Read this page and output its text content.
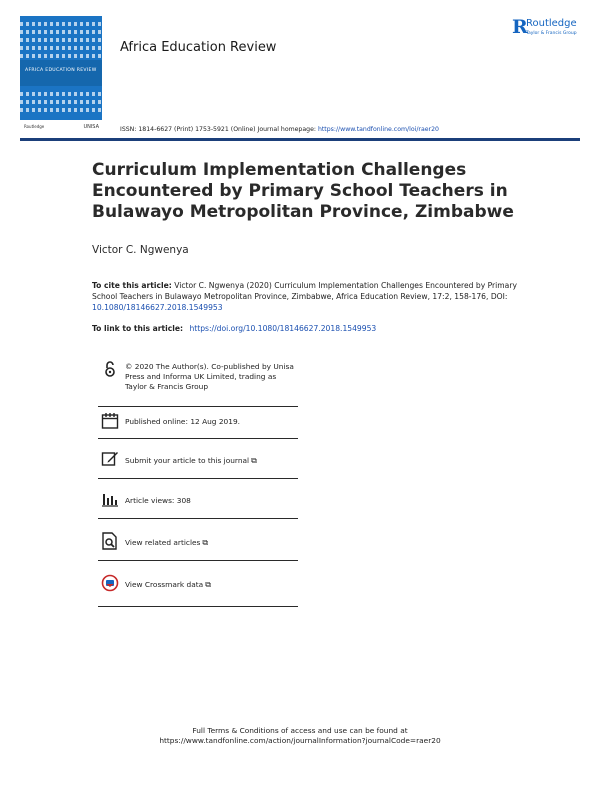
AFRICA EDUCATION REVIEW
Routledge	UNISA
Africa Education Review
R
Routledge
Taylor & Francis Group
ISSN: 1814-6627 (Print) 1753-5921 (Online) Journal homepage: https://www.tandfonline.com/loi/raer20
Curriculum Implementation Challenges Encountered by Primary School Teachers in Bulawayo Metropolitan Province, Zimbabwe
Victor C. Ngwenya
To cite this article: Victor C. Ngwenya (2020) Curriculum Implementation Challenges Encountered by Primary School Teachers in Bulawayo Metropolitan Province, Zimbabwe, Africa Education Review, 17:2, 158-176, DOI: 10.1080/18146627.2018.1549953
To link to this article: https://doi.org/10.1080/18146627.2018.1549953
© 2020 The Author(s). Co-published by Unisa Press and Informa UK Limited, trading as Taylor & Francis Group
Published online: 12 Aug 2019.
Submit your article to this journal ⧉
Article views: 308
View related articles ⧉
View Crossmark data ⧉
Full Terms & Conditions of access and use can be found at
https://www.tandfonline.com/action/journalInformation?journalCode=raer20
